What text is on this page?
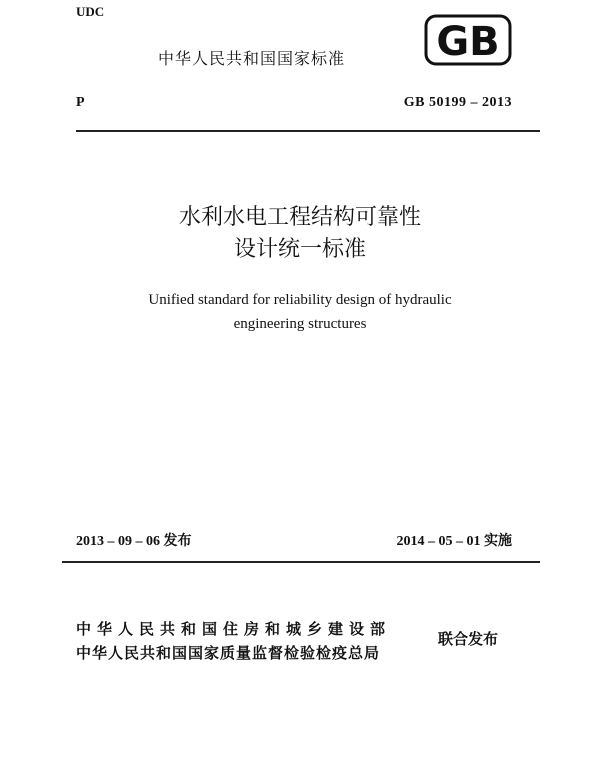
UDC
中华人民共和国国家标准 GB
P	GB 50199 – 2013
水利水电工程结构可靠性
设计统一标准
Unified standard for reliability design of hydraulic
engineering structures
2013 – 09 – 06 发布	2014 – 05 – 01 实施
中华人民共和国住房和城乡建设部
中华人民共和国国家质量监督检验检疫总局
联合发布
